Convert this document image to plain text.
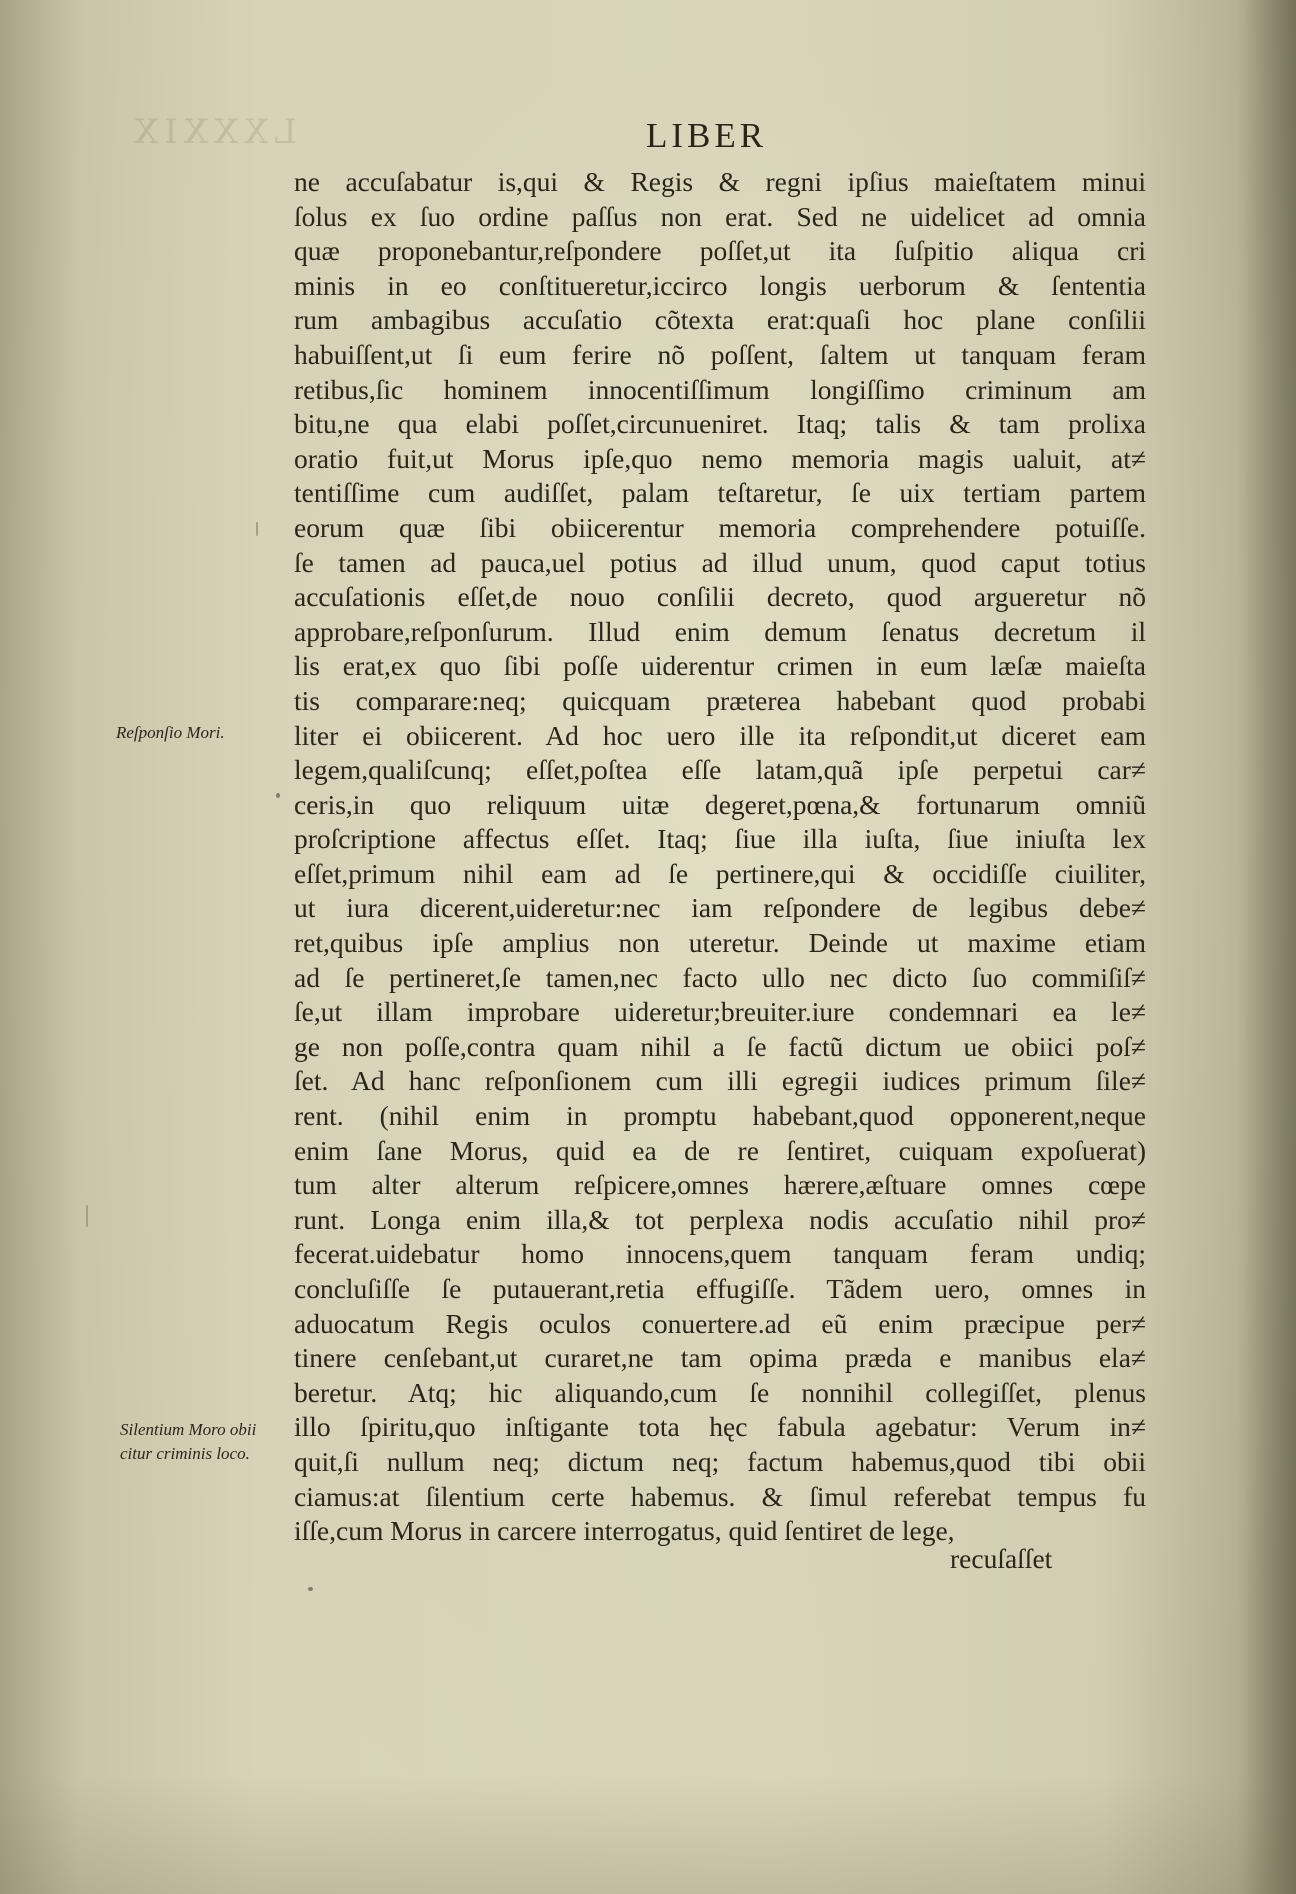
LXXXIX	LIBER
Reſponſio Mori.
Silentium Moro obii
citur criminis loco.
ne accuſabatur is,qui & Regis & regni ipſius maieſtatem minui
ſolus ex ſuo ordine paſſus non erat. Sed ne uidelicet ad omnia
quæ proponebantur,reſpondere poſſet,ut ita ſuſpitio aliqua cri
minis in eo conſtitueretur,iccirco longis uerborum & ſententia
rum ambagibus accuſatio cõtexta erat:quaſi hoc plane conſilii
habuiſſent,ut ſi eum ferire nõ poſſent, ſaltem ut tanquam feram
retibus,ſic hominem innocentiſſimum longiſſimo criminum am
bitu,ne qua elabi poſſet,circunueniret. Itaq; talis & tam prolixa
oratio fuit,ut Morus ipſe,quo nemo memoria magis ualuit, at≠
tentiſſime cum audiſſet, palam teſtaretur, ſe uix tertiam partem
eorum quæ ſibi obiicerentur memoria comprehendere potuiſſe.
ſe tamen ad pauca,uel potius ad illud unum, quod caput totius
accuſationis eſſet,de nouo conſilii decreto, quod argueretur nõ
approbare,reſponſurum. Illud enim demum ſenatus decretum il
lis erat,ex quo ſibi poſſe uiderentur crimen in eum læſæ maieſta
tis comparare:neq; quicquam præterea habebant quod probabi
liter ei obiicerent. Ad hoc uero ille ita reſpondit,ut diceret eam
legem,qualiſcunq; eſſet,poſtea eſſe latam,quã ipſe perpetui car≠
ceris,in quo reliquum uitæ degeret,pœna,& fortunarum omniũ
proſcriptione affectus eſſet. Itaq; ſiue illa iuſta, ſiue iniuſta lex
eſſet,primum nihil eam ad ſe pertinere,qui & occidiſſe ciuiliter,
ut iura dicerent,uideretur:nec iam reſpondere de legibus debe≠
ret,quibus ipſe amplius non uteretur. Deinde ut maxime etiam
ad ſe pertineret,ſe tamen,nec facto ullo nec dicto ſuo commiſiſ≠
ſe,ut illam improbare uideretur;breuiter.iure condemnari ea le≠
ge non poſſe,contra quam nihil a ſe factũ dictum ue obiici poſ≠
ſet. Ad hanc reſponſionem cum illi egregii iudices primum ſile≠
rent. (nihil enim in promptu habebant,quod opponerent,neque
enim ſane Morus, quid ea de re ſentiret, cuiquam expoſuerat)
tum alter alterum reſpicere,omnes hærere,æſtuare omnes cœpe
runt. Longa enim illa,& tot perplexa nodis accuſatio nihil pro≠
fecerat.uidebatur homo innocens,quem tanquam feram undiq;
concluſiſſe ſe putauerant,retia effugiſſe. Tãdem uero, omnes in
aduocatum Regis oculos conuertere.ad eũ enim præcipue per≠
tinere cenſebant,ut curaret,ne tam opima præda e manibus ela≠
beretur. Atq; hic aliquando,cum ſe nonnihil collegiſſet, plenus
illo ſpiritu,quo inſtigante tota hęc fabula agebatur: Verum in≠
quit,ſi nullum neq; dictum neq; factum habemus,quod tibi obii
ciamus:at ſilentium certe habemus. & ſimul referebat tempus fu
iſſe,cum Morus in carcere interrogatus, quid ſentiret de lege,
recuſaſſet
